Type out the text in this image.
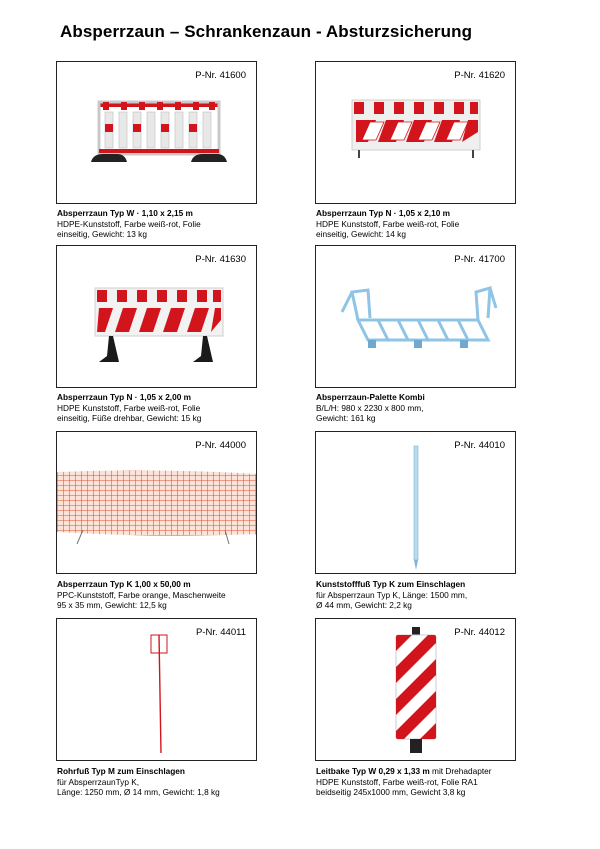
Absperrzaun – Schrankenzaun - Absturzsicherung
P-Nr. 41600
Absperrzaun Typ W · 1,10 x 2,15 m
HDPE-Kunststoff, Farbe weiß-rot, Folie
einseitig, Gewicht: 13 kg
P-Nr. 41620
Absperrzaun Typ N · 1,05 x 2,10 m
HDPE Kunststoff, Farbe weiß-rot, Folie
einseitig, Gewicht: 14 kg
P-Nr. 41630
Absperrzaun Typ N · 1,05 x 2,00 m
HDPE Kunststoff, Farbe weiß-rot, Folie
einseitig, Füße drehbar, Gewicht: 15 kg
P-Nr. 41700
Absperrzaun-Palette Kombi
B/L/H: 980 x 2230 x 800 mm,
Gewicht: 161 kg
P-Nr. 44000
Absperrzaun Typ K 1,00 x 50,00 m
PPC-Kunststoff, Farbe orange, Maschenweite
95 x 35 mm, Gewicht: 12,5 kg
P-Nr. 44010
Kunststofffuß Typ K zum Einschlagen
für Absperrzaun Typ K, Länge: 1500 mm,
Ø 44 mm, Gewicht: 2,2 kg
P-Nr. 44011
Rohrfuß Typ M zum Einschlagen
für AbsperrzaunTyp K,
Länge: 1250 mm, Ø 14 mm, Gewicht: 1,8 kg
P-Nr. 44012
Leitbake Typ W 0,29 x 1,33 m mit Drehadapter
HDPE Kunststoff, Farbe weiß-rot, Folie RA1
beidseitig 245x1000 mm, Gewicht 3,8 kg
